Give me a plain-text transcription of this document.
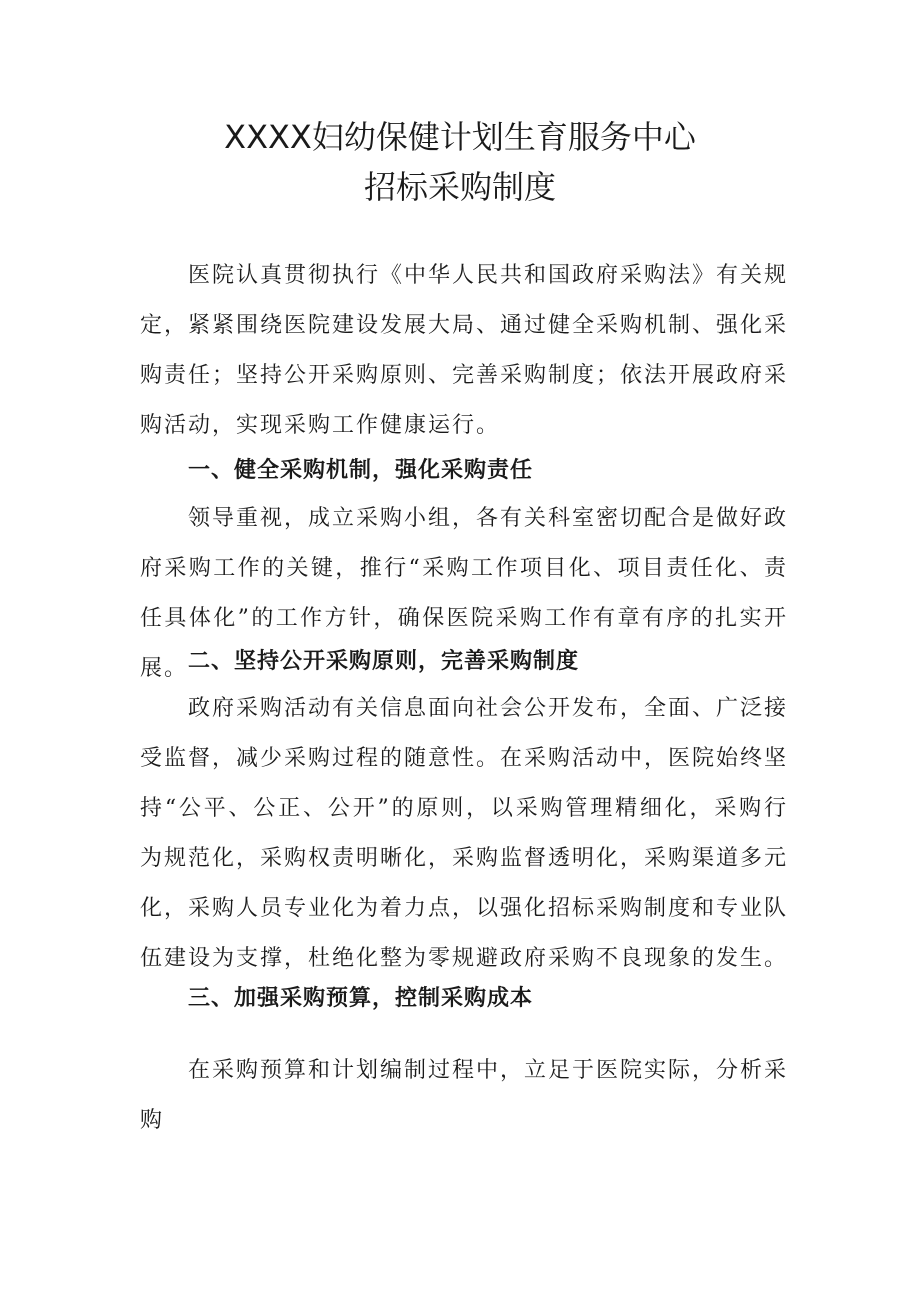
XXXX妇幼保健计划生育服务中心
招标采购制度

医院认真贯彻执行《中华人民共和国政府采购法》有关规定，紧紧围绕医院建设发展大局、通过健全采购机制、强化采购责任；坚持公开采购原则、完善采购制度；依法开展政府采购活动，实现采购工作健康运行。

一、健全采购机制，强化采购责任

领导重视，成立采购小组，各有关科室密切配合是做好政府采购工作的关键，推行“采购工作项目化、项目责任化、责任具体化”的工作方针，确保医院采购工作有章有序的扎实开展。 二、坚持公开采购原则，完善采购制度

政府采购活动有关信息面向社会公开发布，全面、广泛接受监督，减少采购过程的随意性。在采购活动中，医院始终坚持“公平、公正、公开”的原则，以采购管理精细化，采购行为规范化，采购权责明晰化，采购监督透明化，采购渠道多元化，采购人员专业化为着力点，以强化招标采购制度和专业队伍建设为支撑，杜绝化整为零规避政府采购不良现象的发生。

三、加强采购预算，控制采购成本

在采购预算和计划编制过程中，立足于医院实际，分析采购
